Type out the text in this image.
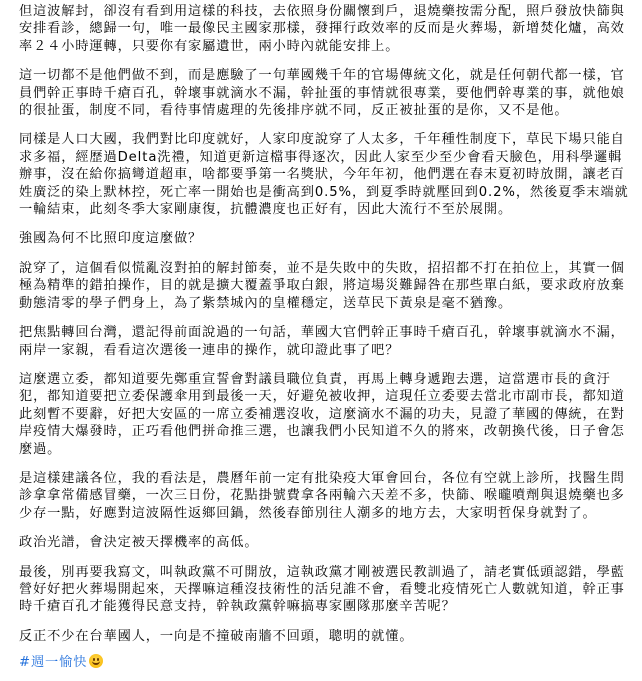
但這波解封，卻沒有看到用這樣的科技，去依照身份關懷到戶，退燒藥按需分配，照戶發放快篩與安排看診，總歸一句，唯一最像民主國家那樣，發揮行政效率的反而是火葬場，新增焚化爐，高效率２４小時運轉，只要你有家屬遺世，兩小時內就能安排上。

這一切都不是他們做不到，而是應驗了一句華國幾千年的官場傳統文化，就是任何朝代都一樣，官員們幹正事時千瘡百孔，幹壞事就滴水不漏，幹扯蛋的事情就很專業，要他們幹專業的事，就他娘的很扯蛋，制度不同，看待事情處理的先後排序就不同，反正被扯蛋的是你，又不是他。

同樣是人口大國，我們對比印度就好，人家印度說穿了人太多，千年種性制度下，草民下場只能自求多福，經歷過Delta洗禮，知道更新這檔事得逐次，因此人家至少至少會看天臉色，用科學邏輯辦事，沒在給你搞彎道超車，啥都要爭第一名獎狀，今年年初，他們選在春末夏初時放開，讓老百姓廣泛的染上默林控，死亡率一開始也是衝高到0.5%，到夏季時就壓回到0.2%，然後夏季末端就一輪結束，此刻冬季大家剛康復，抗體濃度也正好有，因此大流行不至於展開。

強國為何不比照印度這麼做？

說穿了，這個看似慌亂沒對拍的解封節奏，並不是失敗中的失敗，招招都不打在拍位上，其實一個極為精準的錯拍操作，目的就是擴大覆蓋爭取白銀，將這場災難歸咎在那些單白紙，要求政府放棄動態清零的學子們身上，為了紫禁城內的皇權穩定，送草民下黃泉是毫不猶豫。

把焦點轉回台灣，還記得前面說過的一句話，華國大官們幹正事時千瘡百孔，幹壞事就滴水不漏，兩岸一家親，看看這次選後一連串的操作，就印證此事了吧？

這麼選立委，都知道要先鄭重宣誓會對議員職位負責，再馬上轉身遞跑去選，這當選市長的貪汙犯，都知道要把立委保護傘用到最後一天，好避免被收押，這現任立委要去當北市副市長，都知道此刻暫不要辭，好把大安區的一席立委補選沒收，這麼滴水不漏的功夫，見證了華國的傳統，在對岸疫情大爆發時，正巧看他們拼命推三選，也讓我們小民知道不久的將來，改朝換代後，日子會怎麼過。

是這樣建議各位，我的看法是，農曆年前一定有批染疫大軍會回台，各位有空就上診所，找醫生問診拿拿常備感冒藥，一次三日份，花點掛號費拿各兩輪六天差不多，快篩、喉曨噴劑與退燒藥也多少存一點，好應對這波隔性返鄉回鍋，然後春節別往人潮多的地方去，大家明哲保身就對了。

政治光譜，會決定被天擇機率的高低。

最後，別再要我寫文，叫執政黨不可開放，這執政黨才剛被選民教訓過了，請老實低頭認錯，學藍營好好把火葬場開起來，天擇嘛這種沒技術性的活兒誰不會，看雙北疫情死亡人數就知道，幹正事時千瘡百孔才能獲得民意支持，幹執政黨幹嘛搞專家團隊那麼辛苦呢？

反正不少在台華國人，一向是不撞破南牆不回頭，聰明的就懂。

#週一愉快
